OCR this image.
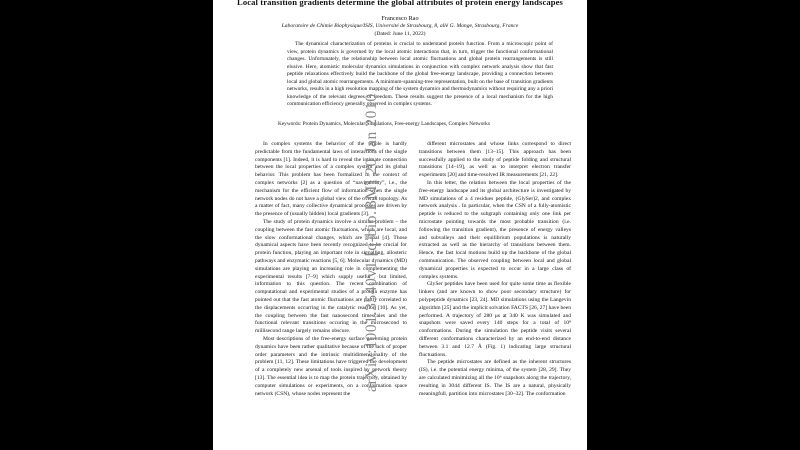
Local transition gradients determine the global attributes of protein energy landscapes
Francesco Rao
Laboratoire de Chimie Biophysique/ISIS, Université de Strasbourg, 8, allé G. Monge, Strasbourg, France
(Dated: June 11, 2022)
The dynamical characterization of proteins is crucial to understand protein function. From a microscopic point of view, protein dynamics is governed by the local atomic interactions that, in turn, trigger the functional conformational changes. Unfortunately, the relationship between local atomic fluctuations and global protein rearrangements is still elusive. Here, atomistic molecular dynamics simulations in conjunction with complex network analysis show that fast peptide relaxations effectively build the backbone of the global free-energy landscape, providing a connection between local and global atomic rearrangements. A minimum-spanning-tree representation, built on the base of transition gradients networks, results in a high resolution mapping of the system dynamics and thermodynamics without requiring any a priori knowledge of the relevant degrees of freedom. These results suggest the presence of a local mechanism for the high communication efficiency generally observed in complex systems.
Keywords: Protein Dynamics, Molecular Simulations, Free-energy Landscapes, Complex Networks

In complex systems the behavior of the whole is hardly predictable from the fundamental laws of interactions of the single components [1]. Indeed, it is hard to reveal the intimate connection between the local properties of a complex system and its global behavior. This problem has been formalized in the context of complex networks [2] as a question of “navigability”, i.e., the mechanism for the efficient flow of information when the single network nodes do not have a global view of the overall topology. As a matter of fact, many collective dynamical processes are driven by the presence of (usually hidden) local gradients [3].

The study of protein dynamics involve a similar problem – the coupling between the fast atomic fluctuations, which are local, and the slow conformational changes, which are global [4]. Those dynamical aspects have been recently recognized to be crucial for protein function, playing an important role in signalling, allosteric pathways and enzymatic reactions [5, 6]. Molecular dynamics (MD) simulations are playing an increasing role in complementing the experimental results [7–9] which supply useful , but limited, information to this question. The recent combination of computational and experimental studies of a protein enzyme has pointed out that the fast atomic fluctuations are partly correlated to the displacements occurring in the catalytic reaction [10]. As yet, the coupling between the fast nanosecond timescales and the functional relevant transitions occuring in the microsecond to millisecond range largely remains obscure.

Most descriptions of the free-energy surface governing protein dynamics have been rather qualitative because of the lack of proper order parameters and the intrinsic multidimensionality of the problem [11, 12]. These limitations have triggered the development of a completely new arsenal of tools inspired by network theory [13]. The essential idea is to map the protein trajectory, obtained by computer simulations or experiments, on a conformation space network (CSN), whose nodes represent the

different microstates and whose links correspond to direct transitions between them [13–15]. This approach has been successfully applied to the study of peptide folding and structural transitions [14–19], as well as to interpret electron transfer experiments [20] and time-resolved IR measurements [21, 22].

In this letter, the relation between the local properties of the free-energy landscape and its global architecture is investigated by MD simulations of a 4 residues peptide, (GlySer)2, and complex network analysis . In particular, when the CSN of a fully-atomistic peptide is reduced to the subgraph containing only one link per microstate pointing towards the most probable transition (i.e. following the transition gradient), the presence of energy valleys and subvalleys and their equilibrium populations is naturally extracted as well as the hierarchy of transitions between them. Hence, the fast local motions build up the backbone of the global communication. The observed coupling between local and global dynamical properties is expected to occur in a large class of complex systems.

GlySer peptides have been used for quite some time as flexible linkers (and are known to show poor secondary structure) for polypeptide dynamics [23, 24]. MD simulations using the Langevin algorithm [25] and the implicit solvation FACTS [26, 27] have been performed. A trajectory of 280 μs at 340 K was simulated and snapshots were saved every 140 steps for a total of 10⁸ conformations. During the simulation the peptide visits several different conformations characterized by an end-to-end distance between 3.1 and 12.7 Å (Fig. 1) indicating large structural fluctuations.

The peptide microstates are defined as the inherent structures (IS), i.e. the potential energy minima, of the system [28, 29]. They are calculated minimizing all the 10⁶ snapshots along the trajectory, resulting in 3044 different IS. The IS are a natural, physically meaningfull, partition into microstates [30–32]. The conformation

arXiv:1001.3540v1 [q-bio.BM] 20 Jan 2010
